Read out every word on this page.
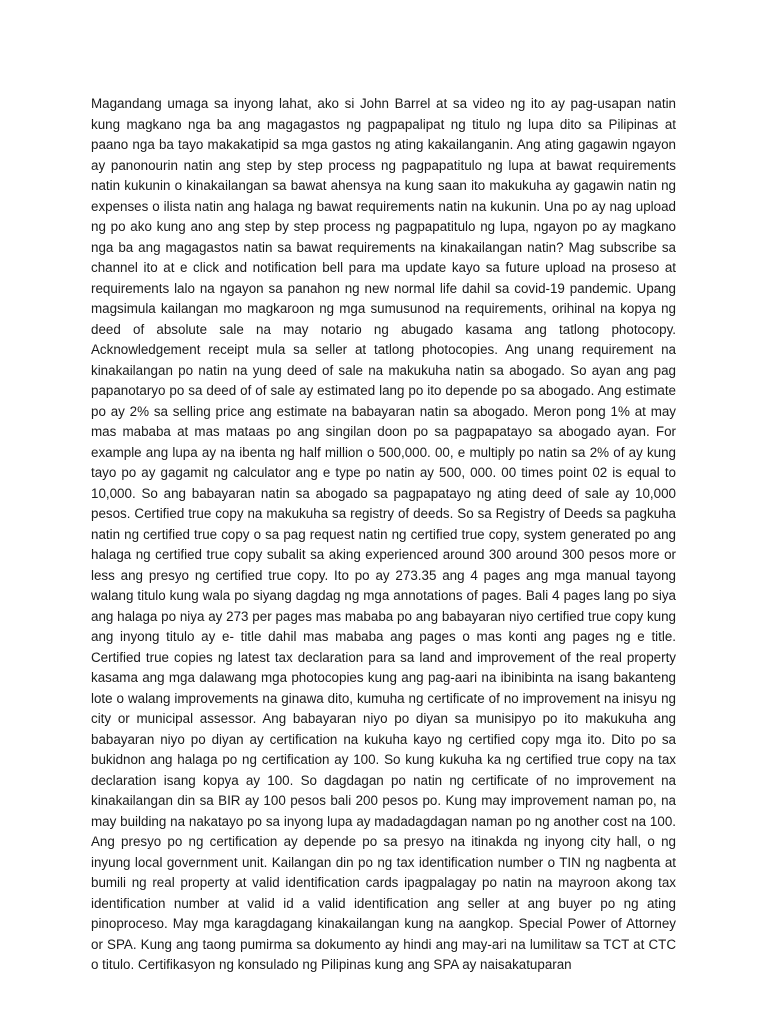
Magandang umaga sa inyong lahat, ako si John Barrel at sa video ng ito ay pag-usapan natin kung magkano nga ba ang magagastos ng pagpapalipat ng titulo ng lupa dito sa Pilipinas at paano nga ba tayo makakatipid sa mga gastos ng ating kakailanganin. Ang ating gagawin ngayon ay panonourin natin ang step by step process ng pagpapatitulo ng lupa at bawat requirements natin kukunin o kinakailangan sa bawat ahensya na kung saan ito makukuha ay gagawin natin ng expenses o ilista natin ang halaga ng bawat requirements natin na kukunin. Una po ay nag upload ng po ako kung ano ang step by step process ng pagpapatitulo ng lupa, ngayon po ay magkano nga ba ang magagastos natin sa bawat requirements na kinakailangan natin? Mag subscribe sa channel ito at e click and notification bell para ma update kayo sa future upload na proseso at requirements lalo na ngayon sa panahon ng new normal life dahil sa covid-19 pandemic. Upang magsimula kailangan mo magkaroon ng mga sumusunod na requirements, orihinal na kopya ng deed of absolute sale na may notario ng abugado kasama ang tatlong photocopy. Acknowledgement receipt mula sa seller at tatlong photocopies. Ang unang requirement na kinakailangan po natin na yung deed of sale na makukuha natin sa abogado. So ayan ang pag papanotaryo po sa deed of of sale ay estimated lang po ito depende po sa abogado. Ang estimate po ay 2% sa selling price ang estimate na babayaran natin sa abogado. Meron pong 1% at may mas mababa at mas mataas po ang singilan doon po sa pagpapatayo sa abogado ayan. For example ang lupa ay na ibenta ng half million o 500,000. 00, e multiply po natin sa 2% of ay kung tayo po ay gagamit ng calculator ang e type po natin ay 500, 000. 00 times point 02 is equal to 10,000. So ang babayaran natin sa abogado sa pagpapatayo ng ating deed of sale ay 10,000 pesos. Certified true copy na makukuha sa registry of deeds. So sa Registry of Deeds sa pagkuha natin ng certified true copy o sa pag request natin ng certified true copy, system generated po ang halaga ng certified true copy subalit sa aking experienced around 300 around 300 pesos more or less ang presyo ng certified true copy. Ito po ay 273.35 ang 4 pages ang mga manual tayong walang titulo kung wala po siyang dagdag ng mga annotations of pages. Bali 4 pages lang po siya ang halaga po niya ay 273 per pages mas mababa po ang babayaran niyo certified true copy kung ang inyong titulo ay e- title dahil mas mababa ang pages o mas konti ang pages ng e title. Certified true copies ng latest tax declaration para sa land and improvement of the real property kasama ang mga dalawang mga photocopies kung ang pag-aari na ibinibinta na isang bakanteng lote o walang improvements na ginawa dito, kumuha ng certificate of no improvement na inisyu ng city or municipal assessor. Ang babayaran niyo po diyan sa munisipyo po ito makukuha ang babayaran niyo po diyan ay certification na kukuha kayo ng certified copy mga ito. Dito po sa bukidnon ang halaga po ng certification ay 100. So kung kukuha ka ng certified true copy na tax declaration isang kopya ay 100. So dagdagan po natin ng certificate of no improvement na kinakailangan din sa BIR ay 100 pesos bali 200 pesos po. Kung may improvement naman po, na may building na nakatayo po sa inyong lupa ay madadagdagan naman po ng another cost na 100. Ang presyo po ng certification ay depende po sa presyo na itinakda ng inyong city hall, o ng inyung local government unit. Kailangan din po ng tax identification number o TIN ng nagbenta at bumili ng real property at valid identification cards ipagpalagay po natin na mayroon akong tax identification number at valid id a valid identification ang seller at ang buyer po ng ating pinoproceso. May mga karagdagang kinakailangan kung na aangkop. Special Power of Attorney or SPA. Kung ang taong pumirma sa dokumento ay hindi ang may-ari na lumilitaw sa TCT at CTC o titulo. Certifikasyon ng konsulado ng Pilipinas kung ang SPA ay naisakatuparan
